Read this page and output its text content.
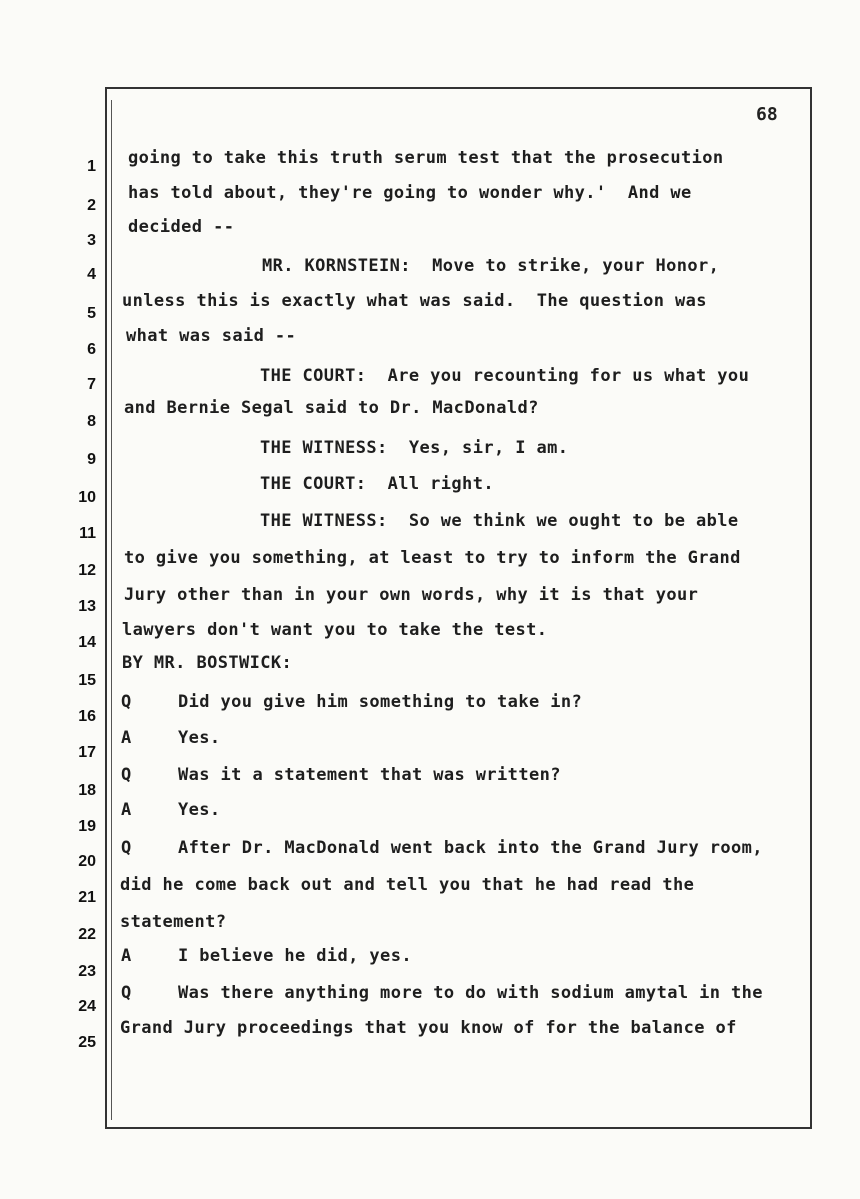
68
1 going to take this truth serum test that the prosecution
2
has told about, they're going to wonder why.'  And we
3
decided --
4	MR. KORNSTEIN:  Move to strike, your Honor,
5
unless this is exactly what was said.  The question was
6
what was said --
7	THE COURT:  Are you recounting for us what you
8
and Bernie Segal said to Dr. MacDonald?
9
THE WITNESS:  Yes, sir, I am.
10
THE COURT:  All right.
11
THE WITNESS:  So we think we ought to be able
12
to give you something, at least to try to inform the Grand
13
Jury other than in your own words, why it is that your
14
lawyers don't want you to take the test.
15
BY MR. BOSTWICK:
16
Q	Did you give him something to take in?
17
A	Yes.
18
Q	Was it a statement that was written?
19
A	Yes.
20
Q	After Dr. MacDonald went back into the Grand Jury room,
21
did he come back out and tell you that he had read the
22
statement?
23
A	I believe he did, yes.
24
Q	Was there anything more to do with sodium amytal in the
25
Grand Jury proceedings that you know of for the balance of
